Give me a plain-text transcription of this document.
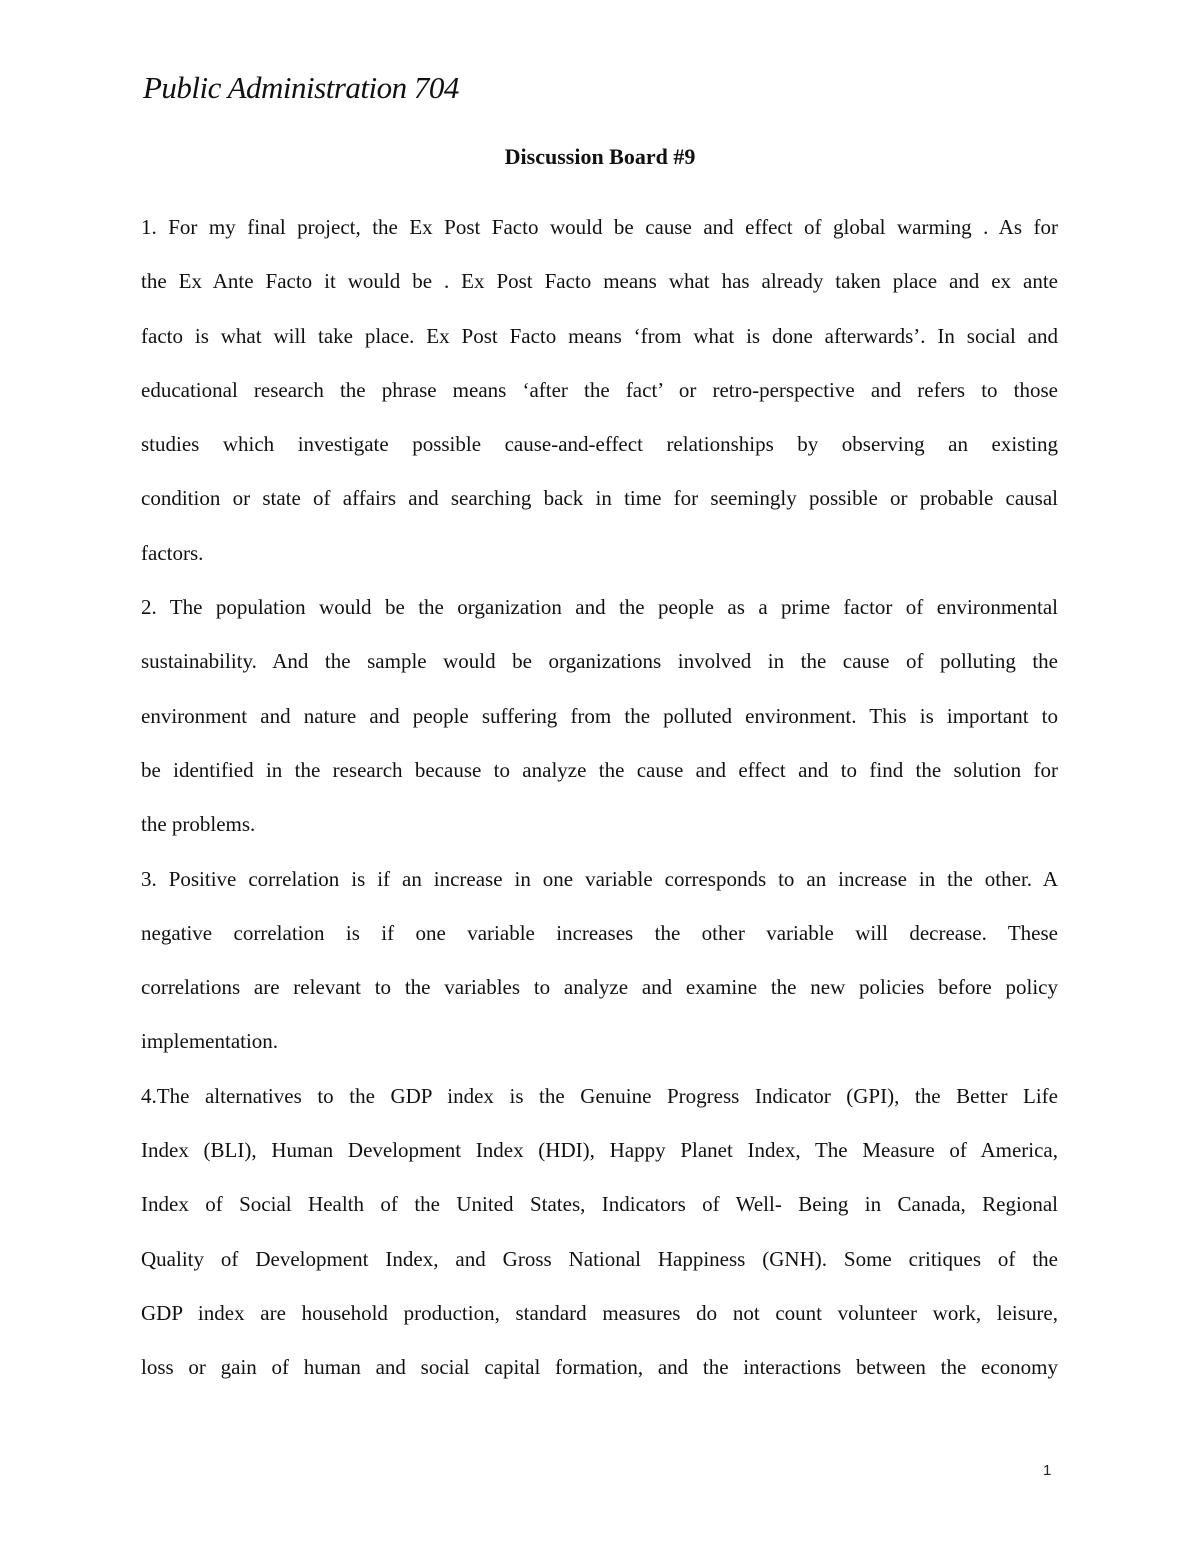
Public Administration 704
Discussion Board #9
1. For my final project, the Ex Post Facto would be cause and effect of global warming . As for
the Ex Ante Facto it would be . Ex Post Facto means what has already taken place and ex ante
facto is what will take place. Ex Post Facto means ‘from what is done afterwards’. In social and
educational research the phrase means ‘after the fact’ or retro-perspective and refers to those
studies which investigate possible cause-and-effect relationships by observing an existing
condition or state of affairs and searching back in time for seemingly possible or probable causal
factors.
2. The population would be the organization and the people as a prime factor of environmental
sustainability. And the sample would be organizations involved in the cause of polluting the
environment and nature and people suffering from the polluted environment. This is important to
be identified in the research because to analyze the cause and effect and to find the solution for
the problems.
3. Positive correlation is if an increase in one variable corresponds to an increase in the other. A
negative correlation is if one variable increases the other variable will decrease. These
correlations are relevant to the variables to analyze and examine the new policies before policy
implementation.
4.The alternatives to the GDP index is the Genuine Progress Indicator (GPI), the Better Life
Index (BLI), Human Development Index (HDI), Happy Planet Index, The Measure of America,
Index of Social Health of the United States, Indicators of Well- Being in Canada, Regional
Quality of Development Index, and Gross National Happiness (GNH). Some critiques of the
GDP index are household production, standard measures do not count volunteer work, leisure,
loss or gain of human and social capital formation, and the interactions between the economy
1
